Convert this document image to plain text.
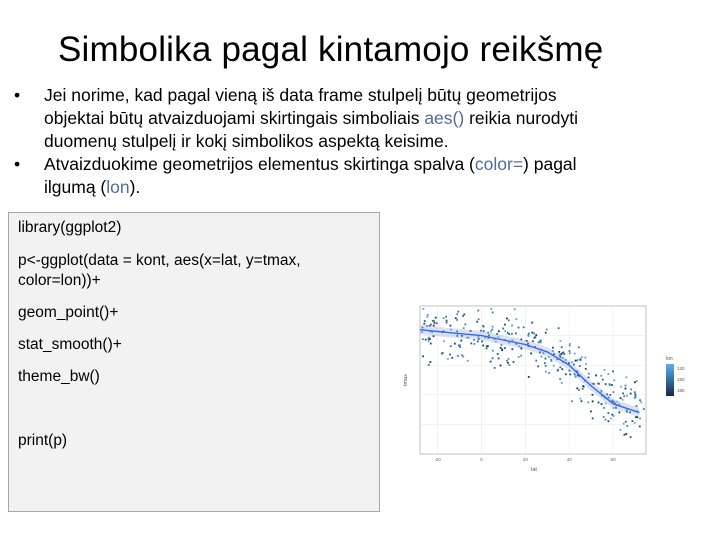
Simbolika pagal kintamojo reikšmę
• Jei norime, kad pagal vieną iš data frame stulpelį būtų geometrijos
objektai būtų atvaizduojami skirtingais simboliais aes() reikia nurodyti
duomenų stulpelį ir kokį simbolikos aspektą keisime.
• Atvaizduokime geometrijos elementus skirtinga spalva (color=) pagal
ilgumą (lon).

library(ggplot2)

p<-ggplot(data = kont, aes(x=lat, y=tmax,

color=lon))+

geom_point()+

stat_smooth()+

theme_bw()

print(p)

-20	0	20	40	60
lat
tmax
lon
120
150
180
